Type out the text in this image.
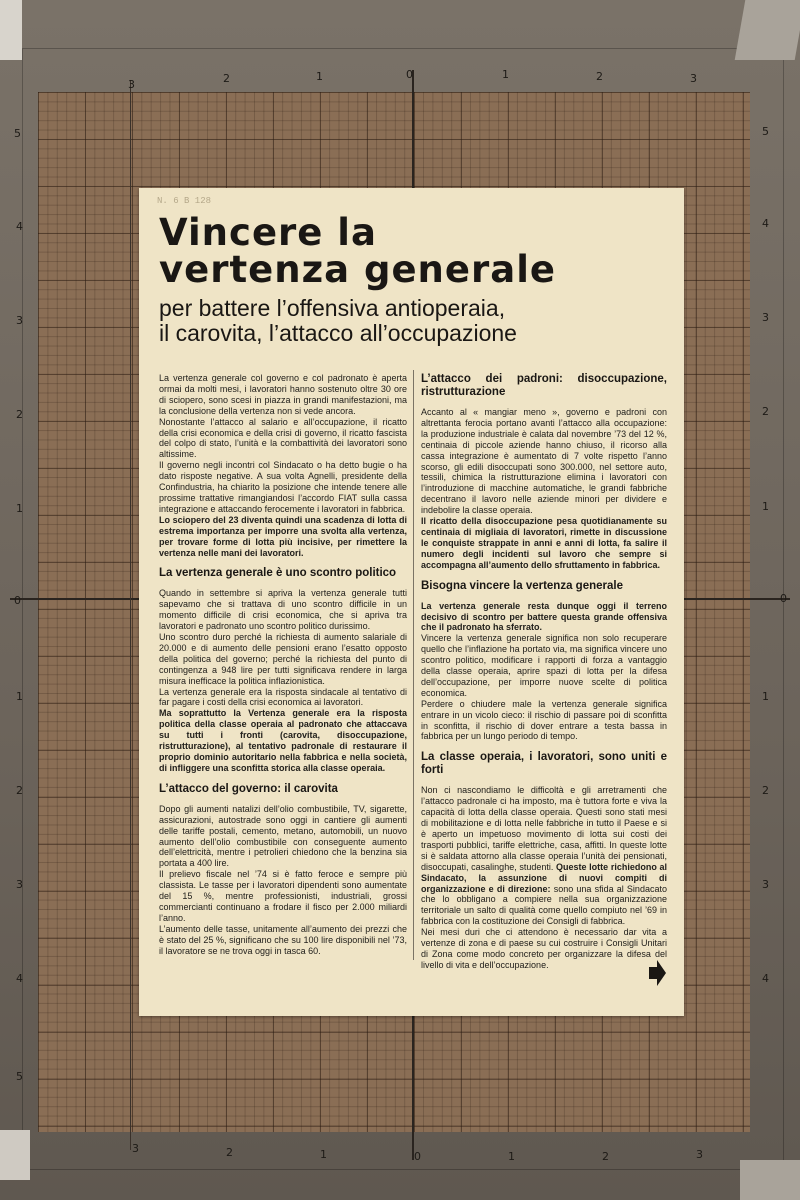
3	2	1	0	1	2	3
5
4
3
2
1
0
1
2
3
4
5
5
4
3
2
1
0
1
2
3
4
3	2	1	0	1	2	3
N. 6 B 128
Vincere la
vertenza generale
per battere l’offensiva antioperaia,
il carovita, l’attacco all’occupazione

La vertenza generale col governo e col padronato è aperta ormai da molti mesi, i lavoratori hanno sostenuto oltre 30 ore di sciopero, sono scesi in piazza in grandi manifestazioni, ma la conclusione della vertenza non si vede ancora.

Nonostante l’attacco al salario e all’occupazione, il ricatto della crisi economica e della crisi di governo, il ricatto fascista del colpo di stato, l’unità e la combattività dei lavoratori sono altissime.

Il governo negli incontri col Sindacato o ha detto bugie o ha dato risposte negative. A sua volta Agnelli, presidente della Confindustria, ha chiarito la posizione che intende tenere alle prossime trattative rimangiandosi l’accordo FIAT sulla cassa integrazione e attaccando ferocemente i lavoratori in fabbrica.

Lo sciopero del 23 diventa quindi una scadenza di lotta di estrema importanza per imporre una svolta alla vertenza, per trovare forme di lotta più incisive, per rimettere la vertenza nelle mani dei lavoratori.

La vertenza generale è uno scontro politico

Quando in settembre si apriva la vertenza generale tutti sapevamo che si trattava di uno scontro difficile in un momento difficile di crisi economica, che si apriva tra lavoratori e padronato uno scontro politico durissimo.

Uno scontro duro perché la richiesta di aumento salariale di 20.000 e di aumento delle pensioni erano l’esatto opposto della politica del governo; perché la richiesta del punto di contingenza a 948 lire per tutti significava rendere in larga misura inefficace la politica inflazionistica.

La vertenza generale era la risposta sindacale al tentativo di far pagare i costi della crisi economica ai lavoratori.

Ma soprattutto la Vertenza generale era la risposta politica della classe operaia al padronato che attaccava su tutti i fronti (carovita, disoccupazione, ristrutturazione), al tentativo padronale di restaurare il proprio dominio autoritario nella fabbrica e nella società, di infliggere una sconfitta storica alla classe operaia.

L’attacco del governo: il carovita

Dopo gli aumenti natalizi dell’olio combustibile, TV, sigarette, assicurazioni, autostrade sono oggi in cantiere gli aumenti delle tariffe postali, cemento, metano, automobili, un nuovo aumento dell’olio combustibile con conseguente aumento dell’elettricità, mentre i petrolieri chiedono che la benzina sia portata a 400 lire.

Il prelievo fiscale nel ’74 si è fatto feroce e sempre più classista. Le tasse per i lavoratori dipendenti sono aumentate del 15 %, mentre professionisti, industriali, grossi commercianti continuano a frodare il fisco per 2.000 miliardi l’anno.

L’aumento delle tasse, unitamente all’aumento dei prezzi che è stato del 25 %, significano che su 100 lire disponibili nel ’73, il lavoratore se ne trova oggi in tasca 60.

L’attacco dei padroni: disoccupazione, ristrutturazione

Accanto al « mangiar meno », governo e padroni con altrettanta ferocia portano avanti l’attacco alla occupazione: la produzione industriale è calata dal novembre ’73 del 12 %, centinaia di piccole aziende hanno chiuso, il ricorso alla cassa integrazione è aumentato di 7 volte rispetto l’anno scorso, gli edili disoccupati sono 300.000, nel settore auto, tessili, chimica la ristrutturazione elimina i lavoratori con l’introduzione di macchine automatiche, le grandi fabbriche decentrano il lavoro nelle aziende minori per dividere e indebolire la classe operaia.

Il ricatto della disoccupazione pesa quotidianamente su centinaia di migliaia di lavoratori, rimette in discussione le conquiste strappate in anni e anni di lotta, fa salire il numero degli incidenti sul lavoro che sempre si accompagna all’aumento dello sfruttamento in fabbrica.

Bisogna vincere la vertenza generale

La vertenza generale resta dunque oggi il terreno decisivo di scontro per battere questa grande offensiva che il padronato ha sferrato.

Vincere la vertenza generale significa non solo recuperare quello che l’inflazione ha portato via, ma significa vincere uno scontro politico, modificare i rapporti di forza a vantaggio della classe operaia, aprire spazi di lotta per la difesa dell’occupazione, per imporre nuove scelte di politica economica.

Perdere o chiudere male la vertenza generale significa entrare in un vicolo cieco: il rischio di passare poi di sconfitta in sconfitta, il rischio di dover entrare a testa bassa in fabbrica per un lungo periodo di tempo.

La classe operaia, i lavoratori, sono uniti e forti

Non ci nascondiamo le difficoltà e gli arretramenti che l’attacco padronale ci ha imposto, ma è tuttora forte e viva la capacità di lotta della classe operaia. Questi sono stati mesi di mobilitazione e di lotta nelle fabbriche in tutto il Paese e si è aperto un impetuoso movimento di lotta sui costi dei trasporti pubblici, tariffe elettriche, casa, affitti. In queste lotte si è saldata attorno alla classe operaia l’unità dei pensionati, disoccupati, casalinghe, studenti. Queste lotte richiedono al Sindacato, la assunzione di nuovi compiti di organizzazione e di direzione: sono una sfida al Sindacato che lo obbligano a compiere nella sua organizzazione territoriale un salto di qualità come quello compiuto nel ’69 in fabbrica con la costituzione dei Consigli di fabbrica.

Nei mesi duri che ci attendono è necessario dar vita a vertenze di zona e di paese su cui costruire i Consigli Unitari di Zona come modo concreto per organizzare la difesa del livello di vita e dell’occupazione.
